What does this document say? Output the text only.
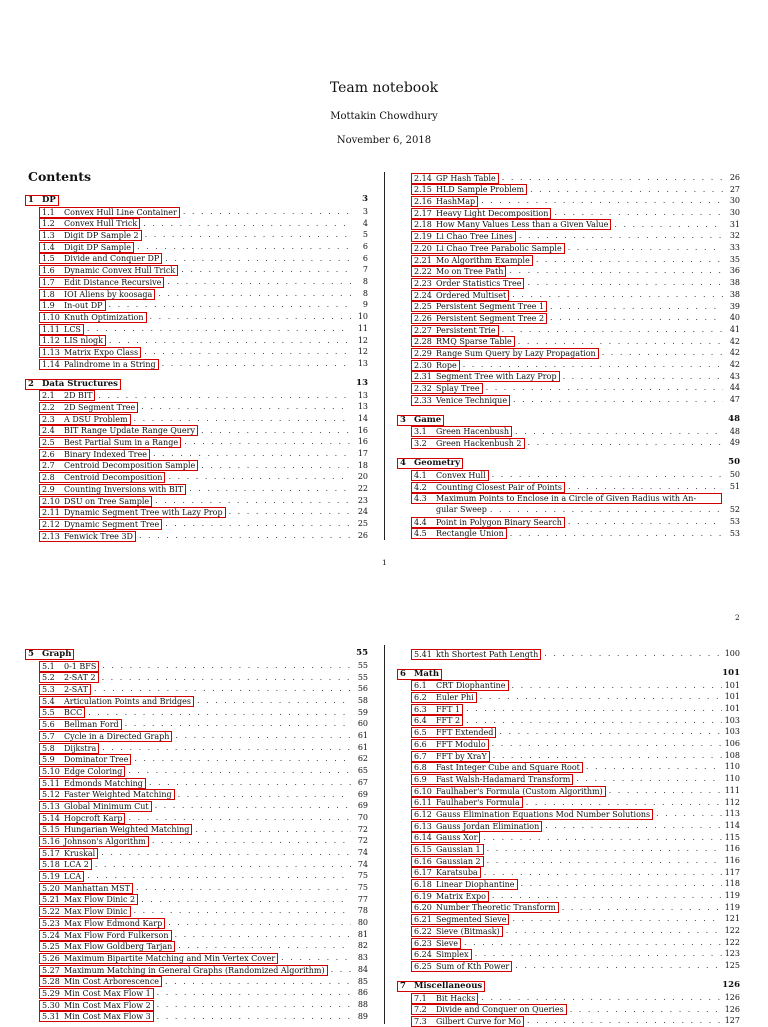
Team notebook
Mottakin Chowdhury
November 6, 2018
Contents
1 DP	3
1.1 Convex Hull Line Container . . .	3
1.2 Convex Hull Trick . . .	4
1.3 Digit DP Sample 2 . . .	5
1.4 Digit DP Sample . . .	6
1.5 Divide and Conquer DP . . .	6
1.6 Dynamic Convex Hull Trick . . .	7
1.7 Edit Distance Recursive . . .	8
1.8 IOI Aliens by koosaga . . .	8
1.9 In-out DP . . .	9
1.10 Knuth Optimization . . .	10
1.11 LCS . . .	11
1.12 LIS nlogk . . .	12
1.13 Matrix Expo Class . . .	12
1.14 Palindrome in a String . . .	13
2 Data Structures	13
2.1 2D BIT . . .	13
2.2 2D Segment Tree . . .	13
2.3 A DSU Problem . . .	14
2.4 BIT Range Update Range Query . . .	16
2.5 Best Partial Sum in a Range . . .	16
2.6 Binary Indexed Tree . . .	17
2.7 Centroid Decomposition Sample . . .	18
2.8 Centroid Decomposition . . .	20
2.9 Counting Inversions with BIT . . .	22
2.10 DSU on Tree Sample . . .	23
2.11 Dynamic Segment Tree with Lazy Prop . . .	24
2.12 Dynamic Segment Tree . . .	25
2.13 Fenwick Tree 3D . . .	26
2.14 GP Hash Table . . .	26
2.15 HLD Sample Problem . . .	27
2.16 HashMap . . .	30
2.17 Heavy Light Decomposition . . .	30
2.18 How Many Values Less than a Given Value . . .	31
2.19 Li Chao Tree Lines . . .	32
2.20 Li Chao Tree Parabolic Sample . . .	33
2.21 Mo Algorithm Example . . .	35
2.22 Mo on Tree Path . . .	36
2.23 Order Statistics Tree . . .	38
2.24 Ordered Multiset . . .	38
2.25 Persistent Segment Tree 1 . . .	39
2.26 Persistent Segment Tree 2 . . .	40
2.27 Persistent Trie . . .	41
2.28 RMQ Sparse Table . . .	42
2.29 Range Sum Query by Lazy Propagation . . .	42
2.30 Rope . . .	42
2.31 Segment Tree with Lazy Prop . . .	43
2.32 Splay Tree . . .	44
2.33 Venice Technique . . .	47
3 Game	48
3.1 Green Hacenbush . . .	48
3.2 Green Hackenbush 2 . . .	49
4 Geometry	50
4.1 Convex Hull . . .	50
4.2 Counting Closest Pair of Points . . .	51
4.3 Maximum Points to Enclose in a Circle of Given Radius with An-
gular Sweep . . .	52
4.4 Point in Polygon Binary Search . . .	53
4.5 Rectangle Union . . .	53
5 Graph	55
5.1 0-1 BFS . . .	55
5.2 2-SAT 2 . . .	55
5.3 2-SAT . . .	56
5.4 Articulation Points and Bridges . . .	58
5.5 BCC . . .	59
5.6 Bellman Ford . . .	60
5.7 Cycle in a Directed Graph . . .	61
5.8 Dijkstra . . .	61
5.9 Dominator Tree . . .	62
5.10 Edge Coloring . . .	65
5.11 Edmonds Matching . . .	67
5.12 Faster Weighted Matching . . .	69
5.13 Global Minimum Cut . . .	69
5.14 Hopcroft Karp . . .	70
5.15 Hungarian Weighted Matching . . .	72
5.16 Johnson's Algorithm . . .	72
5.17 Kruskal . . .	74
5.18 LCA 2 . . .	74
5.19 LCA . . .	75
5.20 Manhattan MST . . .	75
5.21 Max Flow Dinic 2 . . .	77
5.22 Max Flow Dinic . . .	78
5.23 Max Flow Edmond Karp . . .	80
5.24 Max Flow Ford Fulkerson . . .	81
5.25 Max Flow Goldberg Tarjan . . .	82
5.26 Maximum Bipartite Matching and Min Vertex Cover . . .	83
5.27 Maximum Matching in General Graphs (Randomized Algorithm) . . .	84
5.28 Min Cost Arborescence . . .	85
5.29 Min Cost Max Flow 1 . . .	86
5.30 Min Cost Max Flow 2 . . .	88
5.31 Min Cost Max Flow 3 . . .	89
5.41 kth Shortest Path Length . . .	100
6 Math	101
6.1 CRT Diophantine . . .	101
6.2 Euler Phi . . .	101
6.3 FFT 1 . . .	101
6.4 FFT 2 . . .	103
6.5 FFT Extended . . .	103
6.6 FFT Modulo . . .	106
6.7 FFT by XraY . . .	108
6.8 Fast Integer Cube and Square Root . . .	110
6.9 Fast Walsh-Hadamard Transform . . .	110
6.10 Faulhaber's Formula (Custom Algorithm) . . .	111
6.11 Faulhaber's Formula . . .	112
6.12 Gauss Elimination Equations Mod Number Solutions . . .	113
6.13 Gauss Jordan Elimination . . .	114
6.14 Gauss Xor . . .	115
6.15 Gaussian 1 . . .	116
6.16 Gaussian 2 . . .	116
6.17 Karatsuba . . .	117
6.18 Linear Diophantine . . .	118
6.19 Matrix Expo . . .	119
6.20 Number Theoretic Transform . . .	119
6.21 Segmented Sieve . . .	121
6.22 Sieve (Bitmask) . . .	122
6.23 Sieve . . .	122
6.24 Simplex . . .	123
6.25 Sum of Kth Power . . .	125
7 Miscellaneous	126
7.1 Bit Hacks . . .	126
7.2 Divide and Conquer on Queries . . .	126
7.3 Gilbert Curve for Mo . . .	127
1
2
